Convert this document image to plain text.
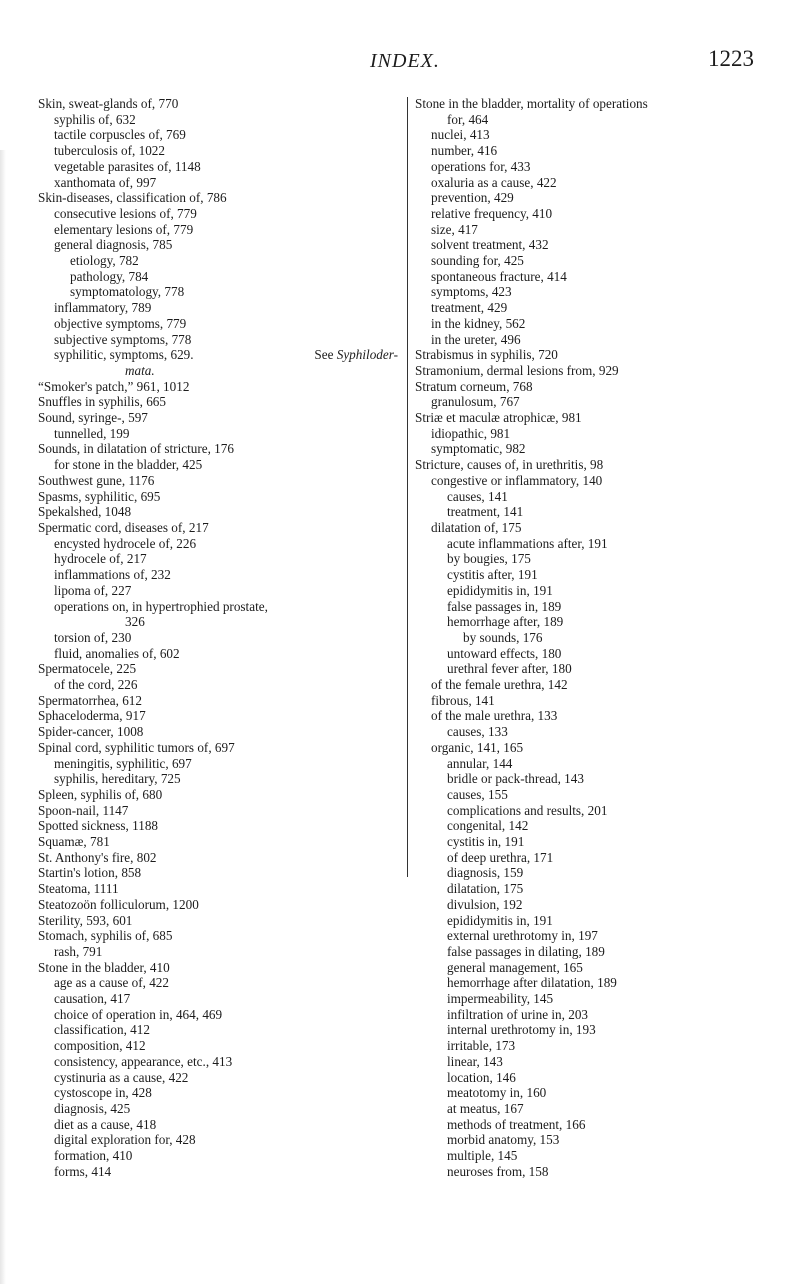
INDEX.	1223
Skin, sweat-glands of, 770
syphilis of, 632
tactile corpuscles of, 769
tuberculosis of, 1022
vegetable parasites of, 1148
xanthomata of, 997
Skin-diseases, classification of, 786
consecutive lesions of, 779
elementary lesions of, 779
general diagnosis, 785
etiology, 782
pathology, 784
symptomatology, 778
inflammatory, 789
objective symptoms, 779
subjective symptoms, 778
syphilitic, symptoms, 629.	See Syphiloder-
mata.
“Smoker's patch,” 961, 1012
Snuffles in syphilis, 665
Sound, syringe-, 597
tunnelled, 199
Sounds, in dilatation of stricture, 176
for stone in the bladder, 425
Southwest gune, 1176
Spasms, syphilitic, 695
Spekalshed, 1048
Spermatic cord, diseases of, 217
encysted hydrocele of, 226
hydrocele of, 217
inflammations of, 232
lipoma of, 227
operations on, in hypertrophied prostate,
326
torsion of, 230
fluid, anomalies of, 602
Spermatocele, 225
of the cord, 226
Spermatorrhea, 612
Sphaceloderma, 917
Spider-cancer, 1008
Spinal cord, syphilitic tumors of, 697
meningitis, syphilitic, 697
syphilis, hereditary, 725
Spleen, syphilis of, 680
Spoon-nail, 1147
Spotted sickness, 1188
Squamæ, 781
St. Anthony's fire, 802
Startin's lotion, 858
Steatoma, 1111
Steatozoön folliculorum, 1200
Sterility, 593, 601
Stomach, syphilis of, 685
rash, 791
Stone in the bladder, 410
age as a cause of, 422
causation, 417
choice of operation in, 464, 469
classification, 412
composition, 412
consistency, appearance, etc., 413
cystinuria as a cause, 422
cystoscope in, 428
diagnosis, 425
diet as a cause, 418
digital exploration for, 428
formation, 410
forms, 414
Stone in the bladder, mortality of operations
for, 464
nuclei, 413
number, 416
operations for, 433
oxaluria as a cause, 422
prevention, 429
relative frequency, 410
size, 417
solvent treatment, 432
sounding for, 425
spontaneous fracture, 414
symptoms, 423
treatment, 429
in the kidney, 562
in the ureter, 496
Strabismus in syphilis, 720
Stramonium, dermal lesions from, 929
Stratum corneum, 768
granulosum, 767
Striæ et maculæ atrophicæ, 981
idiopathic, 981
symptomatic, 982
Stricture, causes of, in urethritis, 98
congestive or inflammatory, 140
causes, 141
treatment, 141
dilatation of, 175
acute inflammations after, 191
by bougies, 175
cystitis after, 191
epididymitis in, 191
false passages in, 189
hemorrhage after, 189
by sounds, 176
untoward effects, 180
urethral fever after, 180
of the female urethra, 142
fibrous, 141
of the male urethra, 133
causes, 133
organic, 141, 165
annular, 144
bridle or pack-thread, 143
causes, 155
complications and results, 201
congenital, 142
cystitis in, 191
of deep urethra, 171
diagnosis, 159
dilatation, 175
divulsion, 192
epididymitis in, 191
external urethrotomy in, 197
false passages in dilating, 189
general management, 165
hemorrhage after dilatation, 189
impermeability, 145
infiltration of urine in, 203
internal urethrotomy in, 193
irritable, 173
linear, 143
location, 146
meatotomy in, 160
at meatus, 167
methods of treatment, 166
morbid anatomy, 153
multiple, 145
neuroses from, 158
